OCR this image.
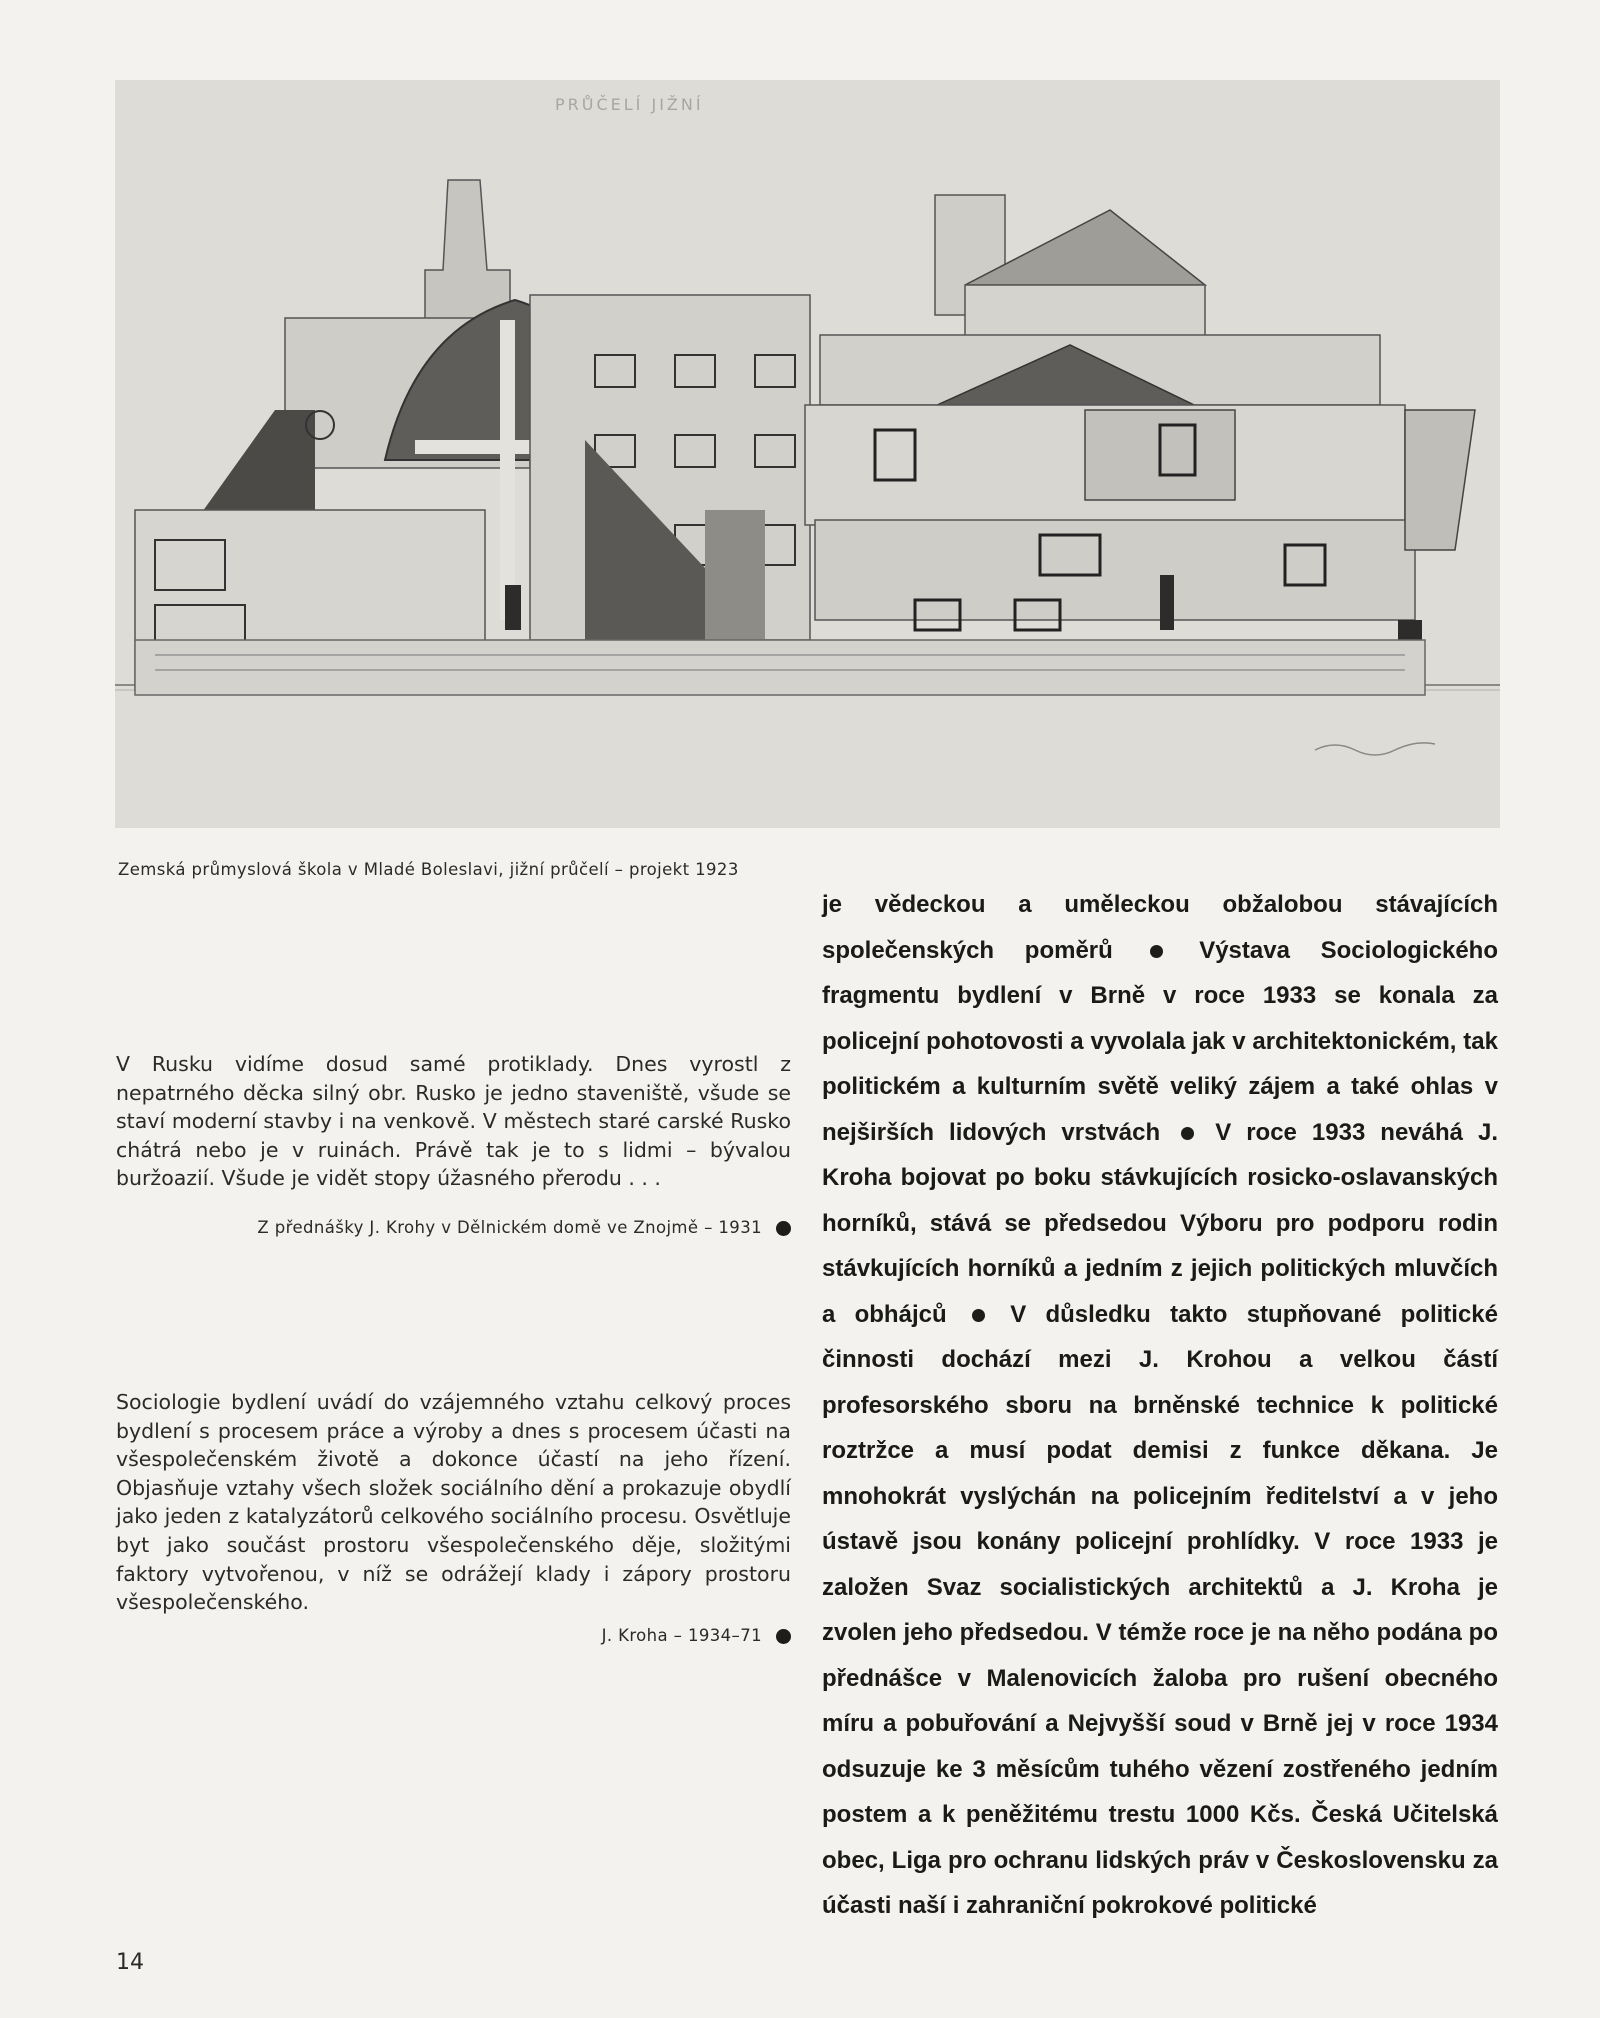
PRŮČELÍ JIŽNÍ
Zemská průmyslová škola v Mladé Boleslavi, jižní průčelí – projekt 1923
V Rusku vidíme dosud samé protiklady. Dnes vyrostl z nepatrného děcka silný obr. Rusko je jedno staveniště, všude se staví moderní stavby i na venkově. V městech staré carské Rusko chátrá nebo je v ruinách. Právě tak je to s lidmi – bývalou buržoazií. Všude je vidět stopy úžasného přerodu . . .
Z přednášky J. Krohy v Dělnickém domě ve Znojmě – 1931
Sociologie bydlení uvádí do vzájemného vztahu celkový proces bydlení s procesem práce a výroby a dnes s procesem účasti na všespolečenském životě a dokonce účastí na jeho řízení. Objasňuje vztahy všech složek sociálního dění a prokazuje obydlí jako jeden z katalyzátorů celkového sociálního procesu. Osvětluje byt jako součást prostoru všespolečenského děje, složitými faktory vytvořenou, v níž se odrážejí klady i zápory prostoru všespolečenského.
J. Kroha – 1934–71
je vědeckou a uměleckou obžalobou stávajících společenských poměrů	Výstava Sociologického fragmentu bydlení v Brně v roce 1933 se konala za policejní pohotovosti a vyvolala jak v architektonickém, tak politickém a kulturním světě veliký zájem a také ohlas v nejširších lidových vrstvách V roce 1933 neváhá J. Kroha bojovat po boku stávkujících rosicko-oslavanských horníků, stává se předsedou Výboru pro podporu rodin stávkujících horníků a jedním z jejich politických mluvčích a obhájců	V důsledku takto stupňované politické činnosti dochází mezi J. Krohou a velkou částí profesorského sboru na brněnské technice k politické roztržce a musí podat demisi z funkce děkana. Je mnohokrát vyslýchán na policejním ředitelství a v jeho ústavě jsou konány policejní prohlídky. V roce 1933 je založen Svaz socialistických architektů a J. Kroha je zvolen jeho předsedou. V témže roce je na něho podána po přednášce v Malenovicích žaloba pro rušení obecného míru a pobuřování a Nejvyšší soud v Brně jej v roce 1934 odsuzuje ke 3 měsícům tuhého vězení zostřeného jedním postem a k peněžitému trestu 1000 Kčs. Česká Učitelská obec, Liga pro ochranu lidských práv v Československu za účasti naší i zahraniční pokrokové politické
14
